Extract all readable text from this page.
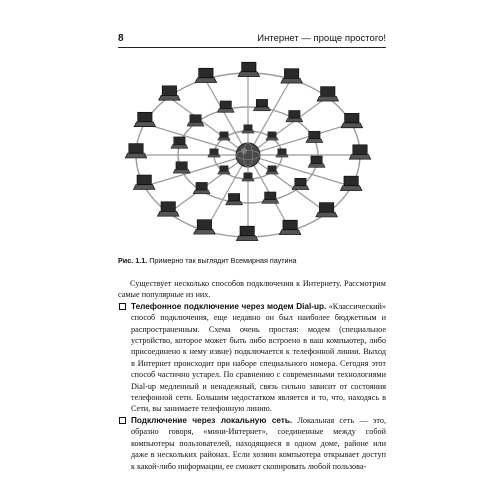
8	Интернет — проще простого!
Рис. 1.1. Примерно так выглядит Всемирная паутина

Существует несколько способов подключения к Интернету. Рассмотрим самые популярные из них.

Телефонное подключение через модем Dial-up. «Классический» способ подключения, еще недавно он был наиболее бюджетным и распространенным. Схема очень простая: модем (специальное устройство, которое может быть либо встроено в ваш компьютер, либо присоединено к нему извне) подключается к телефонной линии. Выход в Интернет происходит при наборе специального номера. Сегодня этот способ частично устарел. По сравнению с современными технологиями Dial-up медленный и ненадежный, связь сильно зависит от состояния телефонной сети. Большим недостатком является и то, что, находясь в Сети, вы занимаете телефонную линию.

Подключение через локальную сеть. Локальная сеть — это, образно говоря, «мини-Интернет», соединенные между собой компьютеры пользователей, находящиеся в одном доме, районе или даже в нескольких районах. Если хозяин компьютера открывает доступ к какой-либо информации, ее сможет скопировать любой пользова-
